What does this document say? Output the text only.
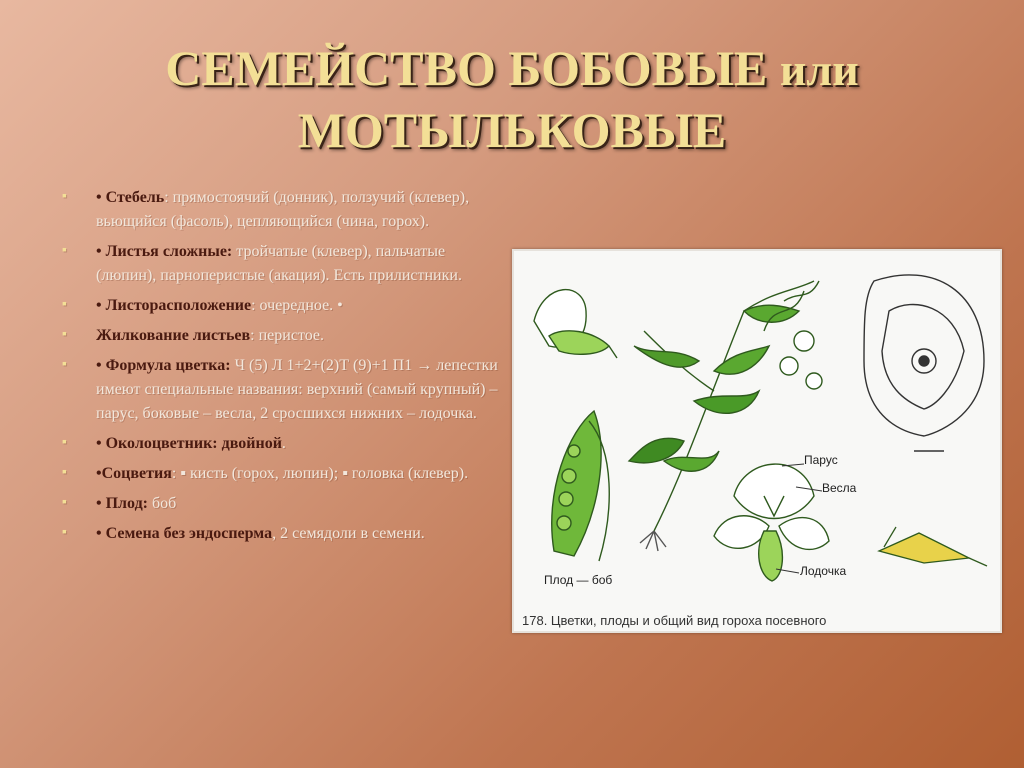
СЕМЕЙСТВО БОБОВЫЕ или
МОТЫЛЬКОВЫЕ
▪ • Стебель: прямостоячий (донник), ползучий (клевер), вьющийся (фасоль), цепляющийся (чина, горох).
▪ • Листья сложные: тройчатые (клевер), пальчатые (люпин), парноперистые (акация). Есть прилистники.
▪ • Листорасположение: очередное. •
▪ Жилкование листьев: перистое.
▪ • Формула цветка: Ч (5) Л 1+2+(2)Т (9)+1 П1 → лепестки имеют специальные названия: верхний (самый крупный) – парус, боковые – весла, 2 сросшихся нижних – лодочка.
▪ • Околоцветник: двойной.
▪ •Соцветия: ▪ кисть (горох, люпин); ▪ головка (клевер).
▪ • Плод: боб
▪ • Семена без эндосперма, 2 семядоли в семени.
Парус
Весла
Лодочка
Плод — боб
178. Цветки, плоды и общий вид гороха посевного
